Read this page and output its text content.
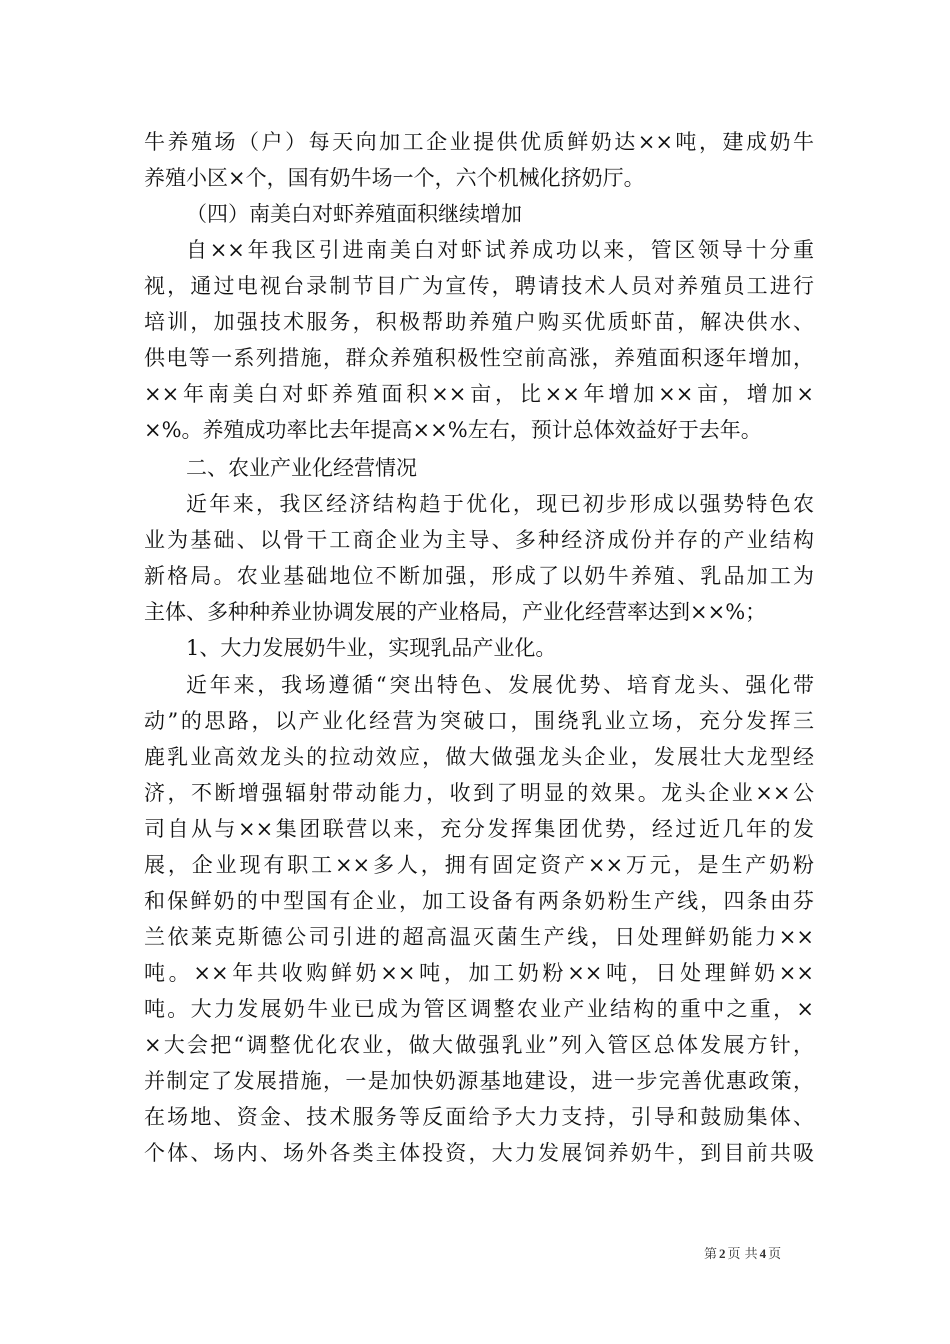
牛养殖场（户）每天向加工企业提供优质鲜奶达××吨，建成奶牛
养殖小区×个，国有奶牛场一个，六个机械化挤奶厅。
（四）南美白对虾养殖面积继续增加
自××年我区引进南美白对虾试养成功以来，管区领导十分重
视，通过电视台录制节目广为宣传，聘请技术人员对养殖员工进行
培训，加强技术服务，积极帮助养殖户购买优质虾苗，解决供水、
供电等一系列措施，群众养殖积极性空前高涨，养殖面积逐年增加，
××年南美白对虾养殖面积××亩，比××年增加××亩，增加×
×%。养殖成功率比去年提高××%左右，预计总体效益好于去年。
二、农业产业化经营情况
近年来，我区经济结构趋于优化，现已初步形成以强势特色农
业为基础、以骨干工商企业为主导、多种经济成份并存的产业结构
新格局。农业基础地位不断加强，形成了以奶牛养殖、乳品加工为
主体、多种种养业协调发展的产业格局，产业化经营率达到××%；
1、大力发展奶牛业，实现乳品产业化。
近年来，我场遵循“突出特色、发展优势、培育龙头、强化带
动”的思路，以产业化经营为突破口，围绕乳业立场，充分发挥三
鹿乳业高效龙头的拉动效应，做大做强龙头企业，发展壮大龙型经
济，不断增强辐射带动能力，收到了明显的效果。龙头企业××公
司自从与××集团联营以来，充分发挥集团优势，经过近几年的发
展，企业现有职工××多人，拥有固定资产××万元，是生产奶粉
和保鲜奶的中型国有企业，加工设备有两条奶粉生产线，四条由芬
兰依莱克斯德公司引进的超高温灭菌生产线，日处理鲜奶能力××
吨。××年共收购鲜奶××吨，加工奶粉××吨，日处理鲜奶××
吨。大力发展奶牛业已成为管区调整农业产业结构的重中之重，×
×大会把“调整优化农业，做大做强乳业”列入管区总体发展方针，
并制定了发展措施，一是加快奶源基地建设，进一步完善优惠政策，
在场地、资金、技术服务等反面给予大力支持，引导和鼓励集体、
个体、场内、场外各类主体投资，大力发展饲养奶牛，到目前共吸
第 2 页 共 4 页
